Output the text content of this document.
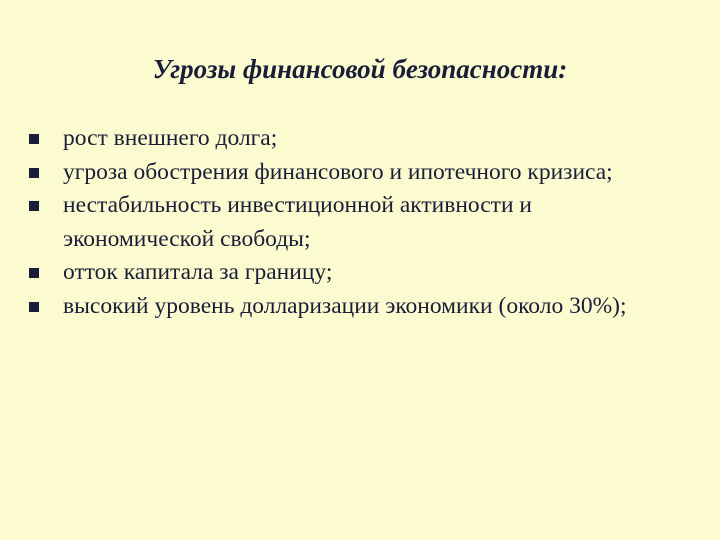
Угрозы финансовой безопасности:
рост внешнего долга;
угроза обострения финансового и ипотечного кризиса;
нестабильность инвестиционной активности и экономической свободы;
отток капитала за границу;
высокий уровень долларизации экономики (около 30%);
